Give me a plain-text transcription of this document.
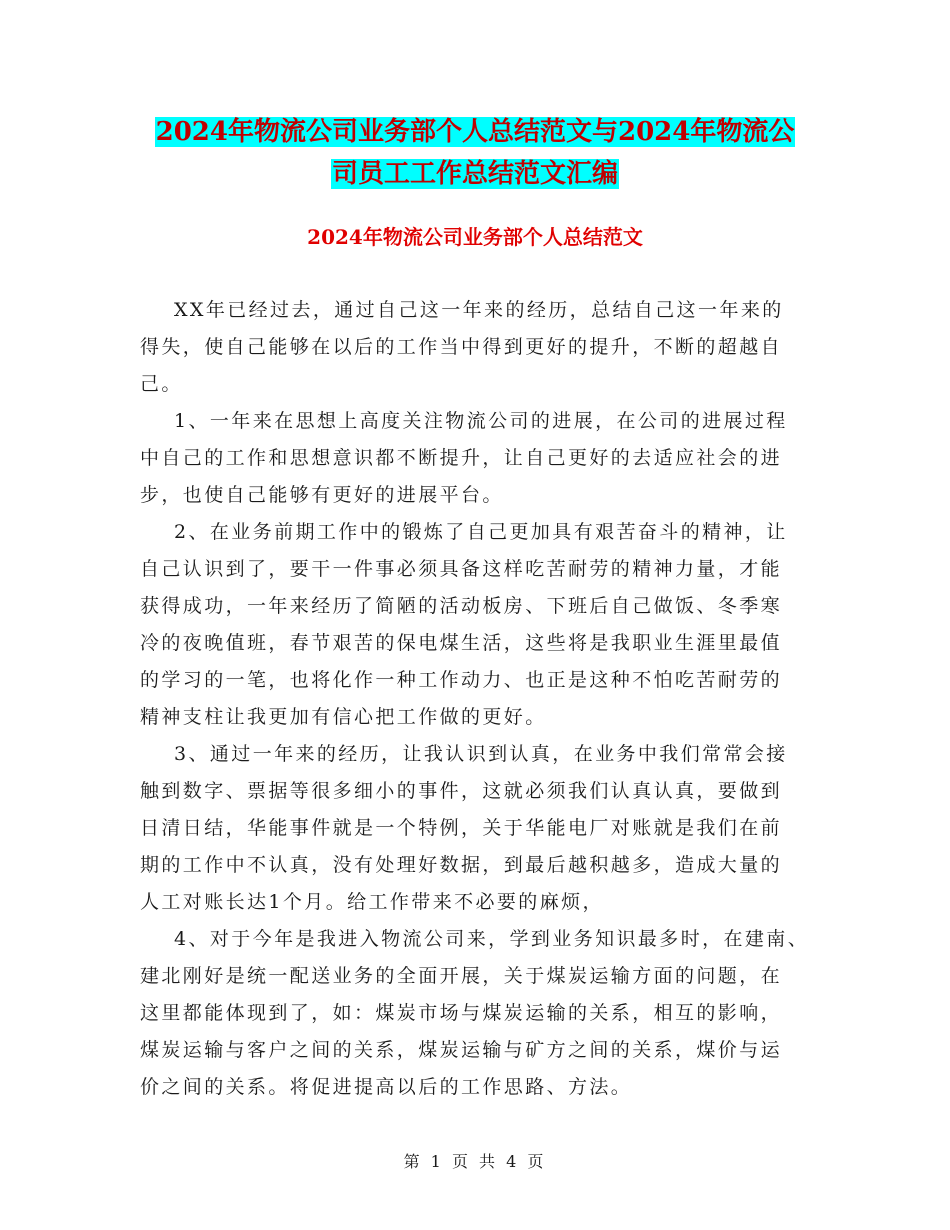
2024年物流公司业务部个人总结范文与2024年物流公
司员工工作总结范文汇编
2024年物流公司业务部个人总结范文
XX年已经过去，通过自己这一年来的经历，总结自己这一年来的
得失，使自己能够在以后的工作当中得到更好的提升，不断的超越自
己。
1、一年来在思想上高度关注物流公司的进展，在公司的进展过程
中自己的工作和思想意识都不断提升，让自己更好的去适应社会的进
步，也使自己能够有更好的进展平台。
2、在业务前期工作中的锻炼了自己更加具有艰苦奋斗的精神，让
自己认识到了，要干一件事必须具备这样吃苦耐劳的精神力量，才能
获得成功，一年来经历了简陋的活动板房、下班后自己做饭、冬季寒
冷的夜晚值班，春节艰苦的保电煤生活，这些将是我职业生涯里最值
的学习的一笔，也将化作一种工作动力、也正是这种不怕吃苦耐劳的
精神支柱让我更加有信心把工作做的更好。
3、通过一年来的经历，让我认识到认真，在业务中我们常常会接
触到数字、票据等很多细小的事件，这就必须我们认真认真，要做到
日清日结，华能事件就是一个特例，关于华能电厂对账就是我们在前
期的工作中不认真，没有处理好数据，到最后越积越多，造成大量的
人工对账长达1个月。给工作带来不必要的麻烦，
4、对于今年是我进入物流公司来，学到业务知识最多时，在建南、
建北刚好是统一配送业务的全面开展，关于煤炭运输方面的问题，在
这里都能体现到了，如：煤炭市场与煤炭运输的关系，相互的影响，
煤炭运输与客户之间的关系，煤炭运输与矿方之间的关系，煤价与运
价之间的关系。将促进提高以后的工作思路、方法。
第 1 页 共 4 页
